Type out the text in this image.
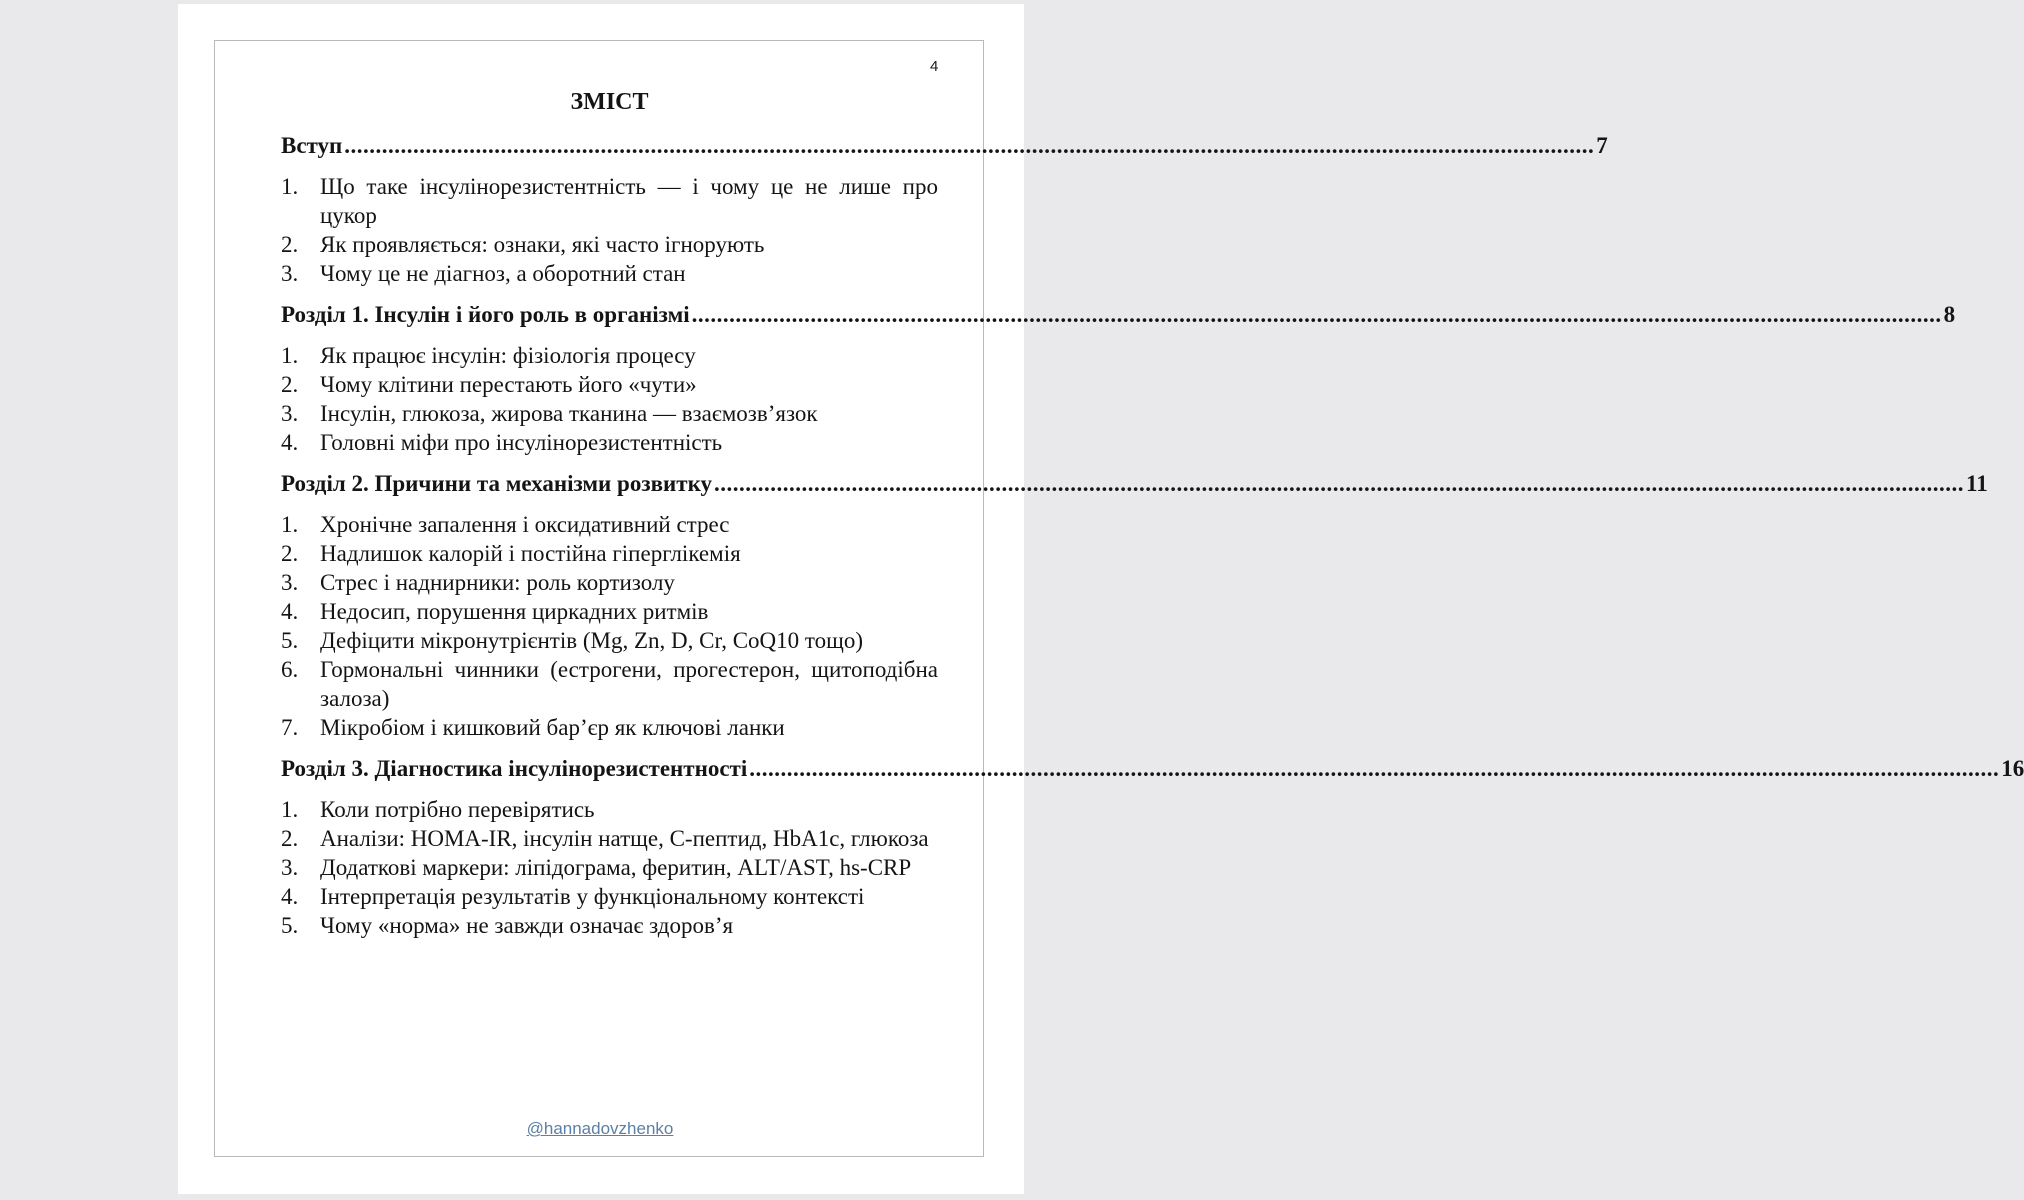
4
ЗМІСТ
Вступ ........................................................................................................................................................................................................ 7
1. Що таке інсулінорезистентність — і чому це не лише про цукор
2. Як проявляється: ознаки, які часто ігнорують
3. Чому це не діагноз, а оборотний стан
Розділ 1. Інсулін і його роль в організмі ........................................................................................................................................................................................................ 8
1. Як працює інсулін: фізіологія процесу
2. Чому клітини перестають його «чути»
3. Інсулін, глюкоза, жирова тканина — взаємозв’язок
4. Головні міфи про інсулінорезистентність
Розділ 2. Причини та механізми розвитку ........................................................................................................................................................................................................ 11
1. Хронічне запалення і оксидативний стрес
2. Надлишок калорій і постійна гіперглікемія
3. Стрес і наднирники: роль кортизолу
4. Недосип, порушення циркадних ритмів
5. Дефіцити мікронутрієнтів (Mg, Zn, D, Cr, CoQ10 тощо)
6. Гормональні чинники (естрогени, прогестерон, щитоподібна залоза)
7. Мікробіом і кишковий бар’єр як ключові ланки
Розділ 3. Діагностика інсулінорезистентності ........................................................................................................................................................................................................ 16
1. Коли потрібно перевірятись
2. Аналізи: HOMA-IR, інсулін натще, С-пептид, HbA1c, глюкоза
3. Додаткові маркери: ліпідограма, феритин, ALT/AST, hs-CRP
4. Інтерпретація результатів у функціональному контексті
5. Чому «норма» не завжди означає здоров’я
@hannadovzhenko
